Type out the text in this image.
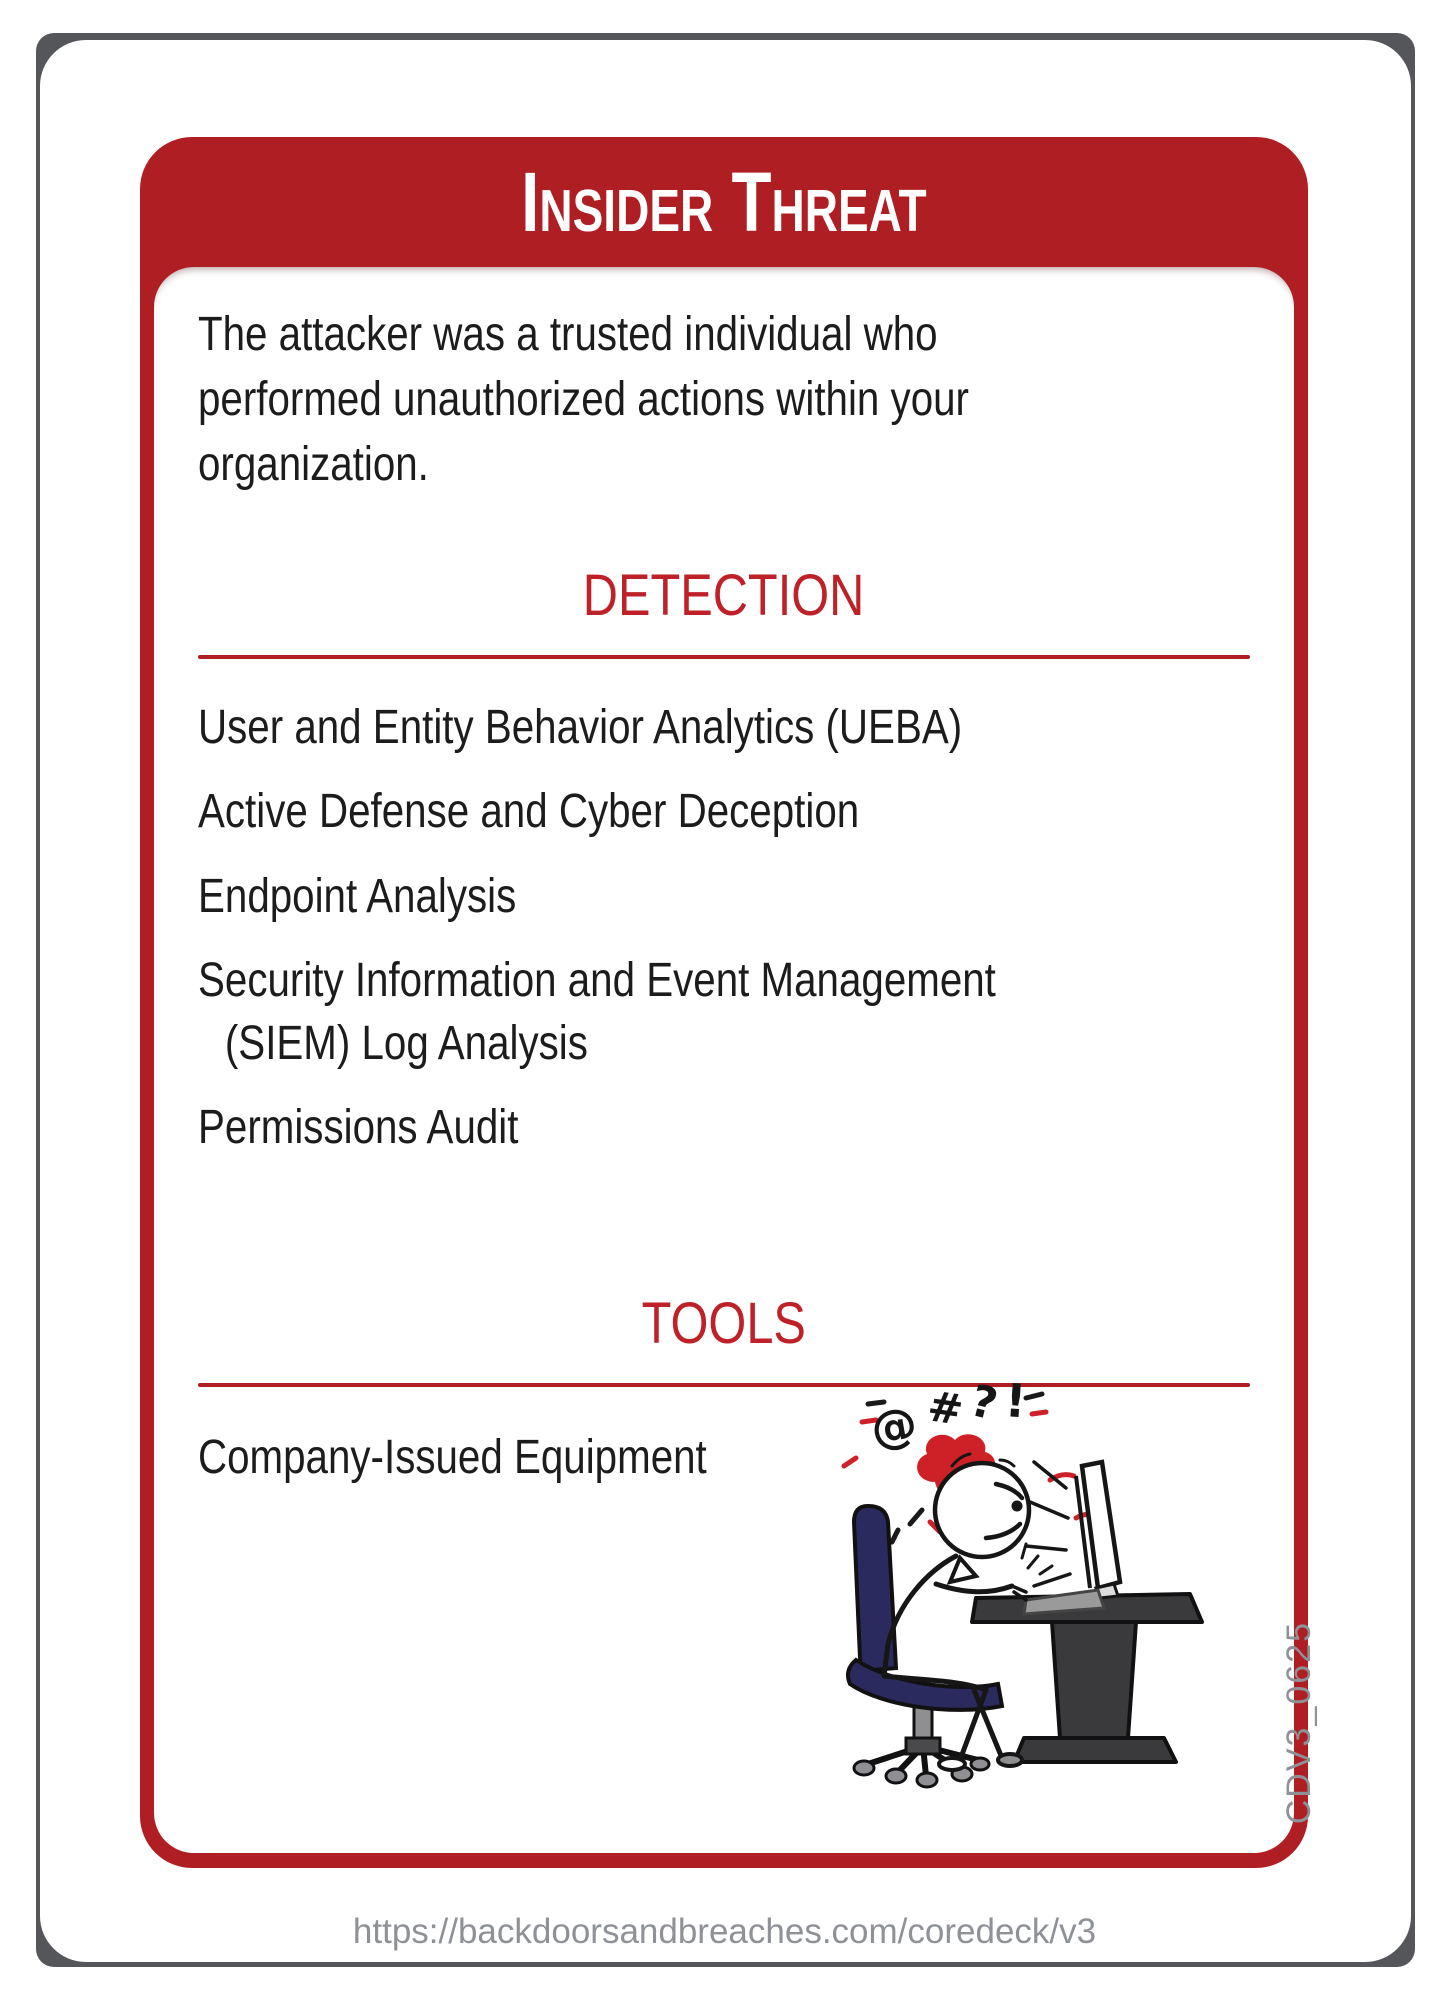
Insider Threat
The attacker was a trusted individual who performed unauthorized actions within your organization.
DETECTION
User and Entity Behavior Analytics (UEBA)
Active Defense and Cyber Deception
Endpoint Analysis
Security Information and Event Management (SIEM) Log Analysis
Permissions Audit
TOOLS
Company-Issued Equipment
@ # ? !
CDV3_0625
https://backdoorsandbreaches.com/coredeck/v3
